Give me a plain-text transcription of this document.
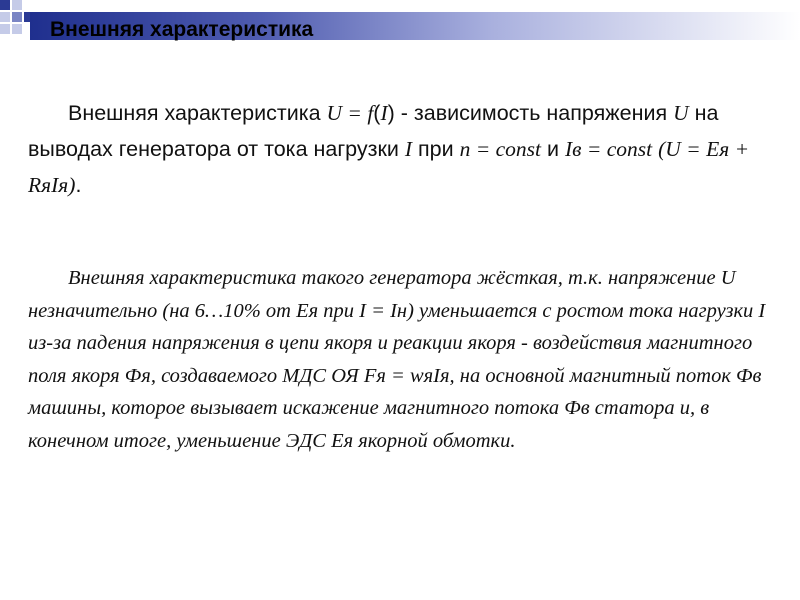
Внешняя характеристика

Внешняя характеристика U = f(I) - зависимость напряжения U на выводах генератора от тока нагрузки I при n = const и Iв = const (U = Eя + RяIя).

Внешняя характеристика такого генератора жёсткая, т.к. напряжение U незначительно (на 6…10% от Ея при I = Iн) уменьшается с ростом тока нагрузки I из-за падения напряжения в цепи якоря и реакции якоря - воздействия магнитного поля якоря Фя, создаваемого МДС ОЯ Fя = wяIя, на основной магнитный поток Фв машины, которое вызывает искажение магнитного потока Фв статора и, в конечном итоге, уменьшение ЭДС Ея якорной обмотки.
